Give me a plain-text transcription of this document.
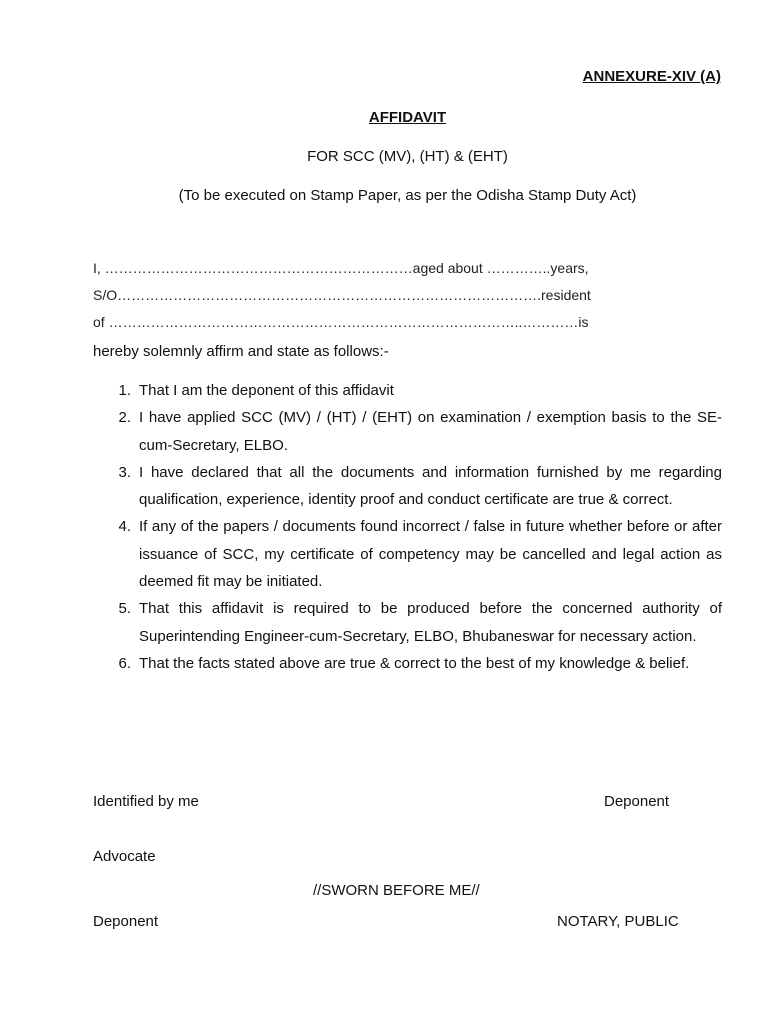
ANNEXURE-XIV (A)
AFFIDAVIT
FOR SCC (MV), (HT) & (EHT)
(To be executed on Stamp Paper, as per the Odisha Stamp Duty Act)
I, …………………………………………………………aged about …………..years,
S/O……………………………………………………………………………….resident
of ……………………………………………………………………………..…………is
hereby solemnly affirm and state as follows:-
1. That I am the deponent of this affidavit
2. I have applied SCC (MV) / (HT) / (EHT) on examination / exemption basis to the SE-cum-Secretary, ELBO.
3. I have declared that all the documents and information furnished by me regarding qualification, experience, identity proof and conduct certificate are true & correct.
4. If any of the papers / documents found incorrect / false in future whether before or after issuance of SCC, my certificate of competency may be cancelled and legal action as deemed fit may be initiated.
5. That this affidavit is required to be produced before the concerned authority of Superintending Engineer-cum-Secretary, ELBO, Bhubaneswar for necessary action.
6. That the facts stated above are true & correct to the best of my knowledge & belief.
Identified by me	Deponent
Advocate
//SWORN BEFORE ME//
Deponent	NOTARY, PUBLIC
